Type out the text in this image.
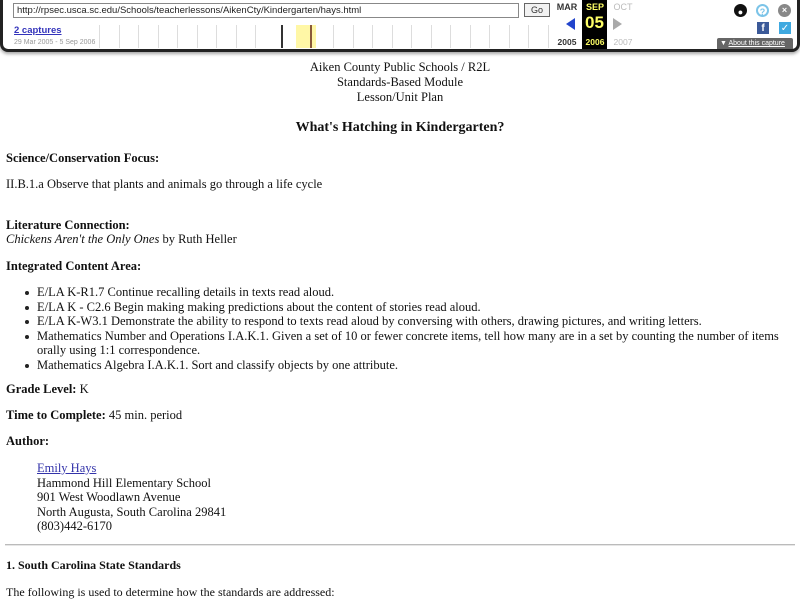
http://rpsec.usca.sc.edu/Schools/teacherlessons/AikenCty/Kindergarten/hays.html	Go
2 captures
29 Mar 2005 - 5 Sep 2006
MAR SEP	OCT
05
2005	2006	2007
●	?	×
f	✓
▼ About this capture
Aiken County Public Schools / R2L
Standards-Based Module
Lesson/Unit Plan
What's Hatching in Kindergarten?
Science/Conservation Focus:
II.B.1.a Observe that plants and animals go through a life cycle
Literature Connection:
Chickens Aren't the Only Ones by Ruth Heller
Integrated Content Area:
E/LA K-R1.7 Continue recalling details in texts read aloud.
E/LA K - C2.6 Begin making making predictions about the content of stories read aloud.
E/LA K-W3.1 Demonstrate the ability to respond to texts read aloud by conversing with others, drawing pictures, and writing letters.
Mathematics Number and Operations I.A.K.1. Given a set of 10 or fewer concrete items, tell how many are in a set by counting the number of items orally using 1:1 correspondence.
Mathematics Algebra I.A.K.1. Sort and classify objects by one attribute.
Grade Level: K
Time to Complete: 45 min. period
Author:
Emily Hays
Hammond Hill Elementary School
901 West Woodlawn Avenue
North Augusta, South Carolina 29841
(803)442-6170
1. South Carolina State Standards
The following is used to determine how the standards are addressed:
